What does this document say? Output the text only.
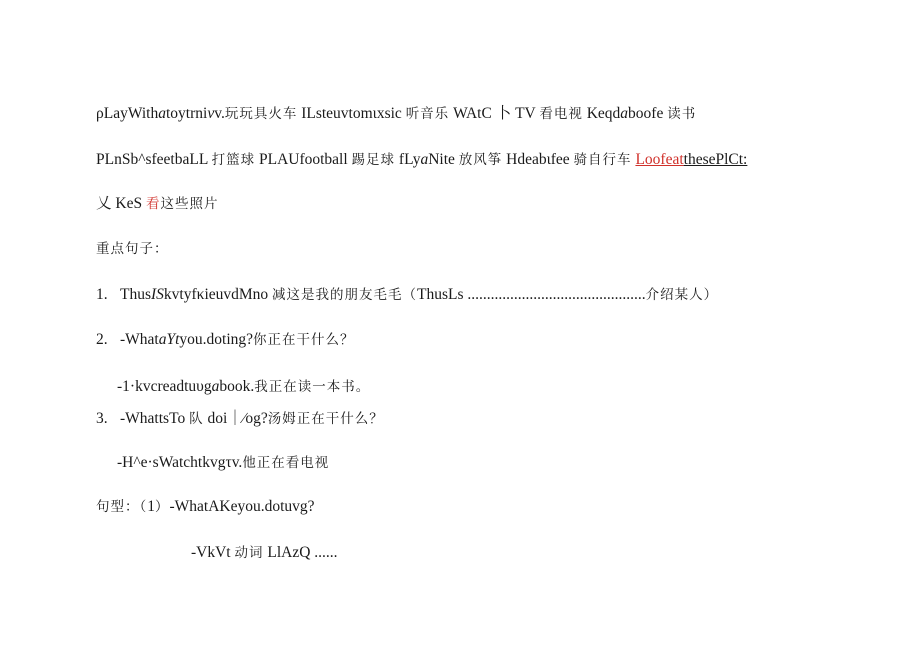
ρLayWithatoytrnivv.玩玩具火车 ILsteuvtomιxsic 听音乐 WAtC 卜 TV 看电视 Keqdaboofe 读书
PLnSb^sfeetbaLL 打篮球 PLAUfootball 踢足球 fLyaNite 放风筝 Hdeabιfee 骑自行车 LoofeatthesePlCt:
乂 KeS 看这些照片
重点句子：
1. ThusISkvtyfκieuvdMno 减这是我的朋友毛毛（ThusLs ..............................................介绍某人）
2. -WhataYtyou.doting?你正在干什么？
-1·kvcreadtuυgabook.我正在读一本书。
3. -WhattsTo 队 doi｜∕og?汤姆正在干什么？
-H^e·sWatchtkvgτv.他正在看电视
句型：（1）-WhatAKeyou.dotuvg?
-VkVt 动词 LlAzQ ......
